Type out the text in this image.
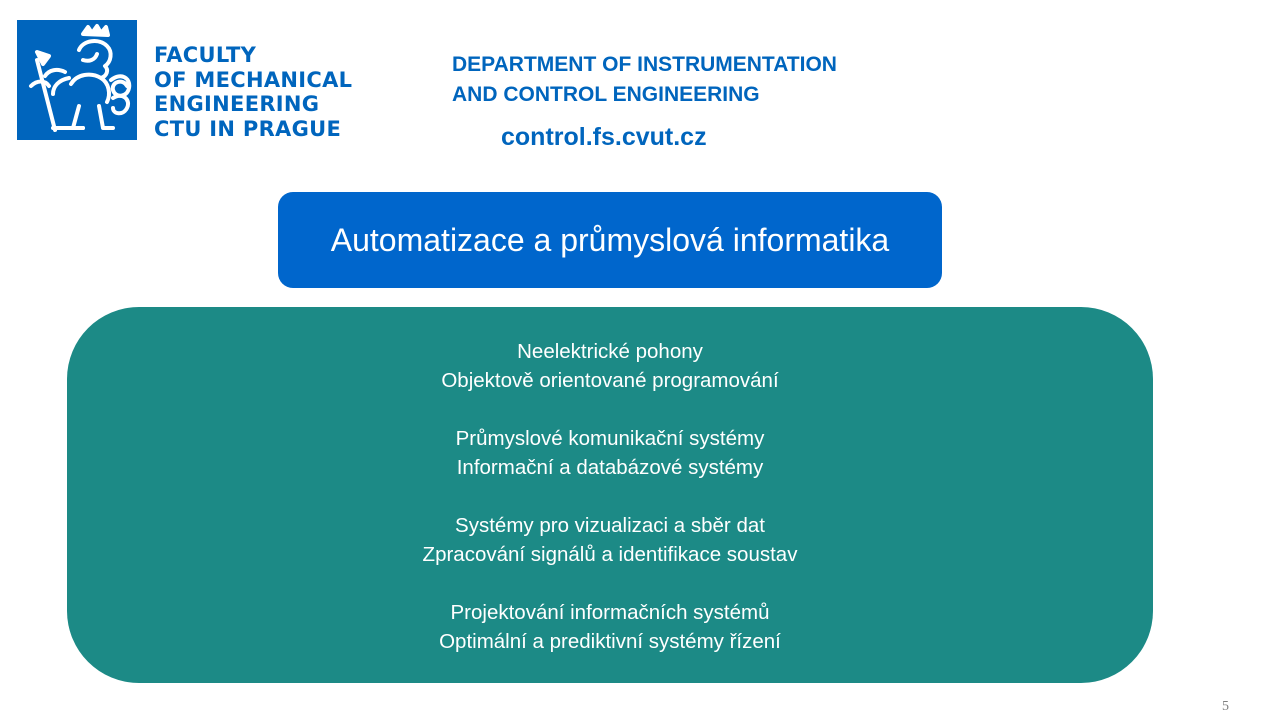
FACULTY
OF MECHANICAL
ENGINEERING
CTU IN PRAGUE
DEPARTMENT OF INSTRUMENTATION
AND CONTROL ENGINEERING
control.fs.cvut.cz
Automatizace a průmyslová informatika
Neelektrické pohony
Objektově orientované programování
Průmyslové komunikační systémy
Informační a databázové systémy
Systémy pro vizualizaci a sběr dat
Zpracování signálů a identifikace soustav
Projektování informačních systémů
Optimální a prediktivní systémy řízení
5
